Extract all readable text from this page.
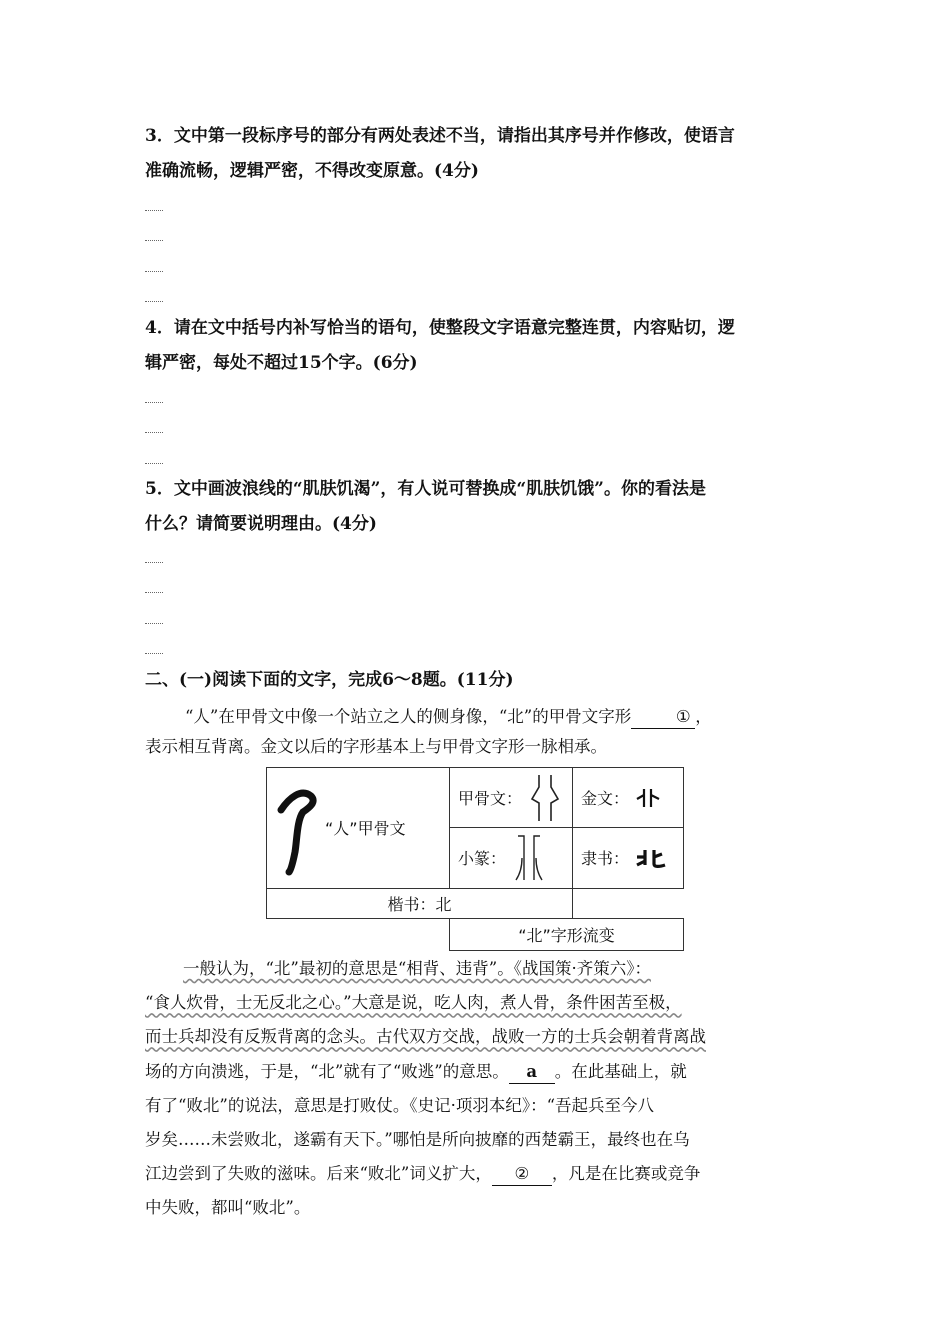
3．文中第一段标序号的部分有两处表述不当，请指出其序号并作修改，使语言
准确流畅，逻辑严密，不得改变原意。(4分)
4．请在文中括号内补写恰当的语句，使整段文字语意完整连贯，内容贴切，逻
辑严密，每处不超过15个字。(6分)
5．文中画波浪线的“肌肤饥渴”，有人说可替换成“肌肤饥饿”。你的看法是
什么？请简要说明理由。(4分)
二、(一)阅读下面的文字，完成6～8题。(11分)
“人”在甲骨文中像一个站立之人的侧身像，“北”的甲骨文字形	① ，
表示相互背离。金文以后的字形基本上与甲骨文字形一脉相承。
“人”甲骨文	甲骨文：	金文：

	小篆：	隶书：

楷书：北		
	“北”字形流变	
一般认为，“北”最初的意思是“相背、违背”。《战国策·齐策六》：
“食人炊骨，士无反北之心。”大意是说，吃人肉，煮人骨，条件困苦至极，
而士兵却没有反叛背离的念头。古代双方交战，战败一方的士兵会朝着背离战
场的方向溃逃，于是，“北”就有了“败逃”的意思。 a 。在此基础上，就
有了“败北”的说法，意思是打败仗。《史记·项羽本纪》：“吾起兵至今八
岁矣……未尝败北，遂霸有天下。”哪怕是所向披靡的西楚霸王，最终也在乌
江边尝到了失败的滋味。后来“败北”词义扩大， ② ，凡是在比赛或竞争
中失败，都叫“败北”。
